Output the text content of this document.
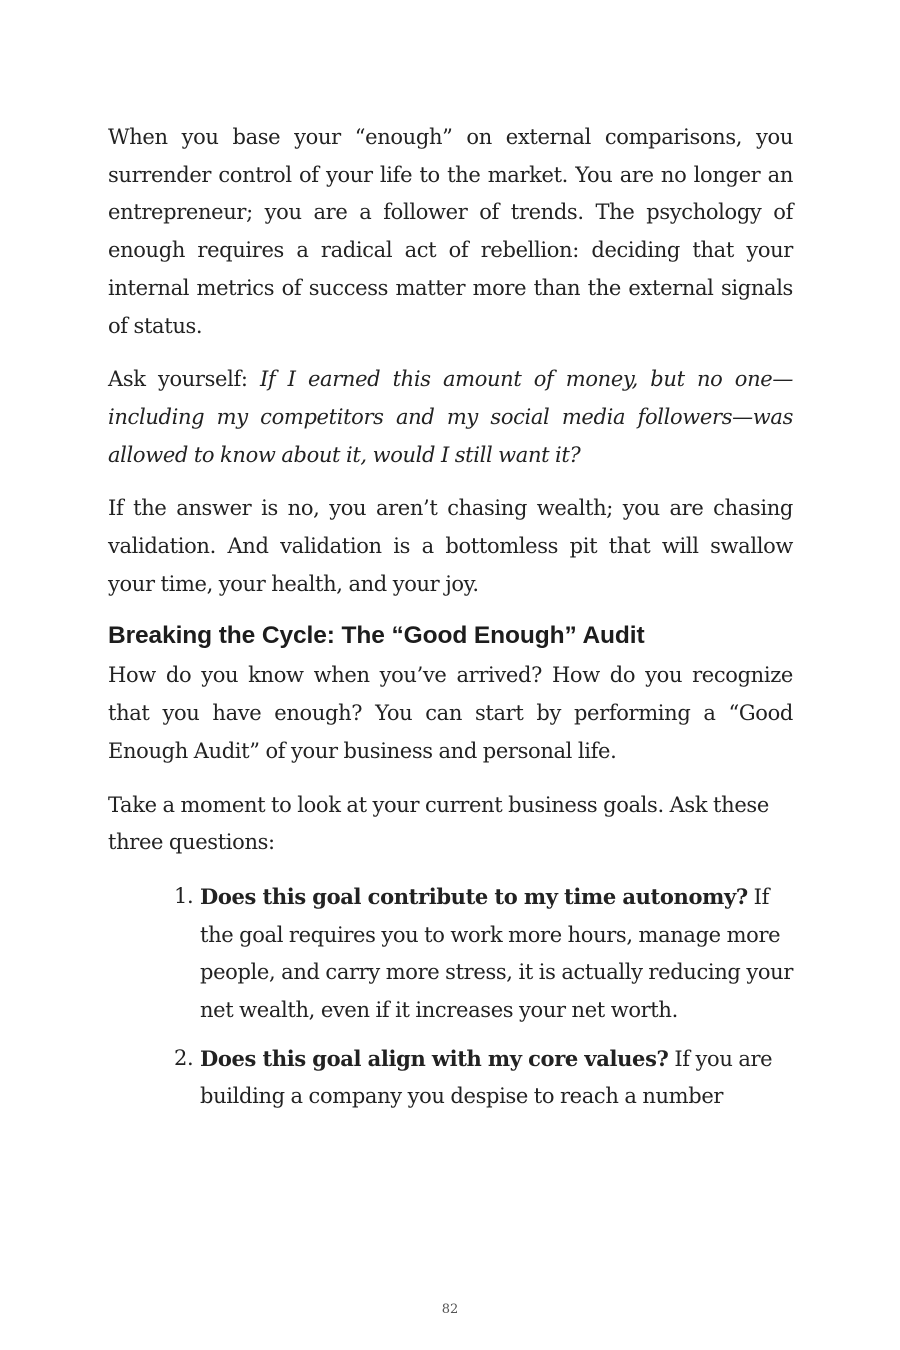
When you base your “enough” on external comparisons, you surrender control of your life to the market. You are no longer an entrepreneur; you are a follower of trends. The psychology of enough requires a radical act of rebellion: deciding that your internal metrics of success matter more than the external signals of status.

Ask yourself: If I earned this amount of money, but no one—including my competitors and my social media followers—was allowed to know about it, would I still want it?

If the answer is no, you aren’t chasing wealth; you are chasing validation. And validation is a bottomless pit that will swallow your time, your health, and your joy.

Breaking the Cycle: The “Good Enough” Audit

How do you know when you’ve arrived? How do you recognize that you have enough? You can start by performing a “Good Enough Audit” of your business and personal life.

Take a moment to look at your current business goals. Ask these three questions:

1. Does this goal contribute to my time autonomy? If the goal requires you to work more hours, manage more people, and carry more stress, it is actually reducing your net wealth, even if it increases your net worth.
2. Does this goal align with my core values? If you are building a company you despise to reach a number
82
